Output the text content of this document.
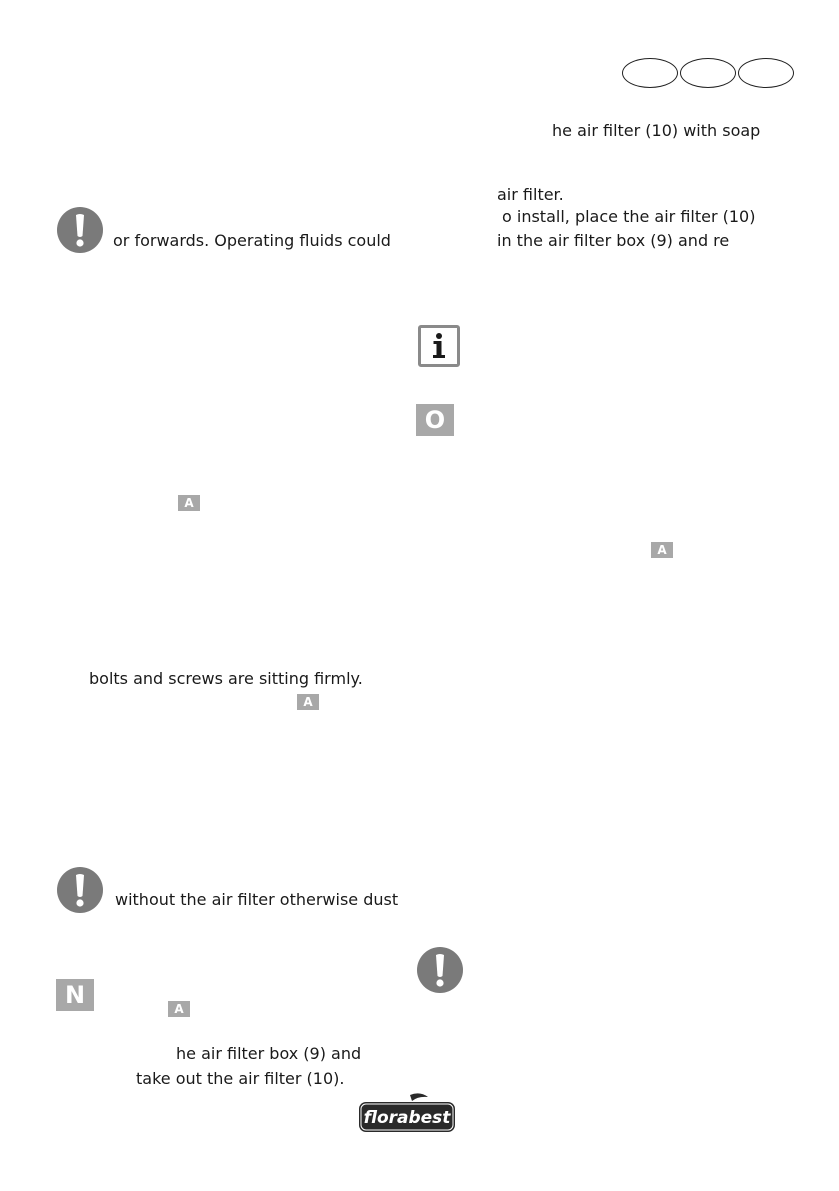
or forwards. Operating fluids could
A
bolts and screws are sitting firmly.
A
without the air filter otherwise dust
N	A
he air filter box (9) and
take out the air filter (10).
he air filter (10) with soap
air filter.
o install, place the air filter (10)
in the air filter box (9) and re
O
A
florabest
